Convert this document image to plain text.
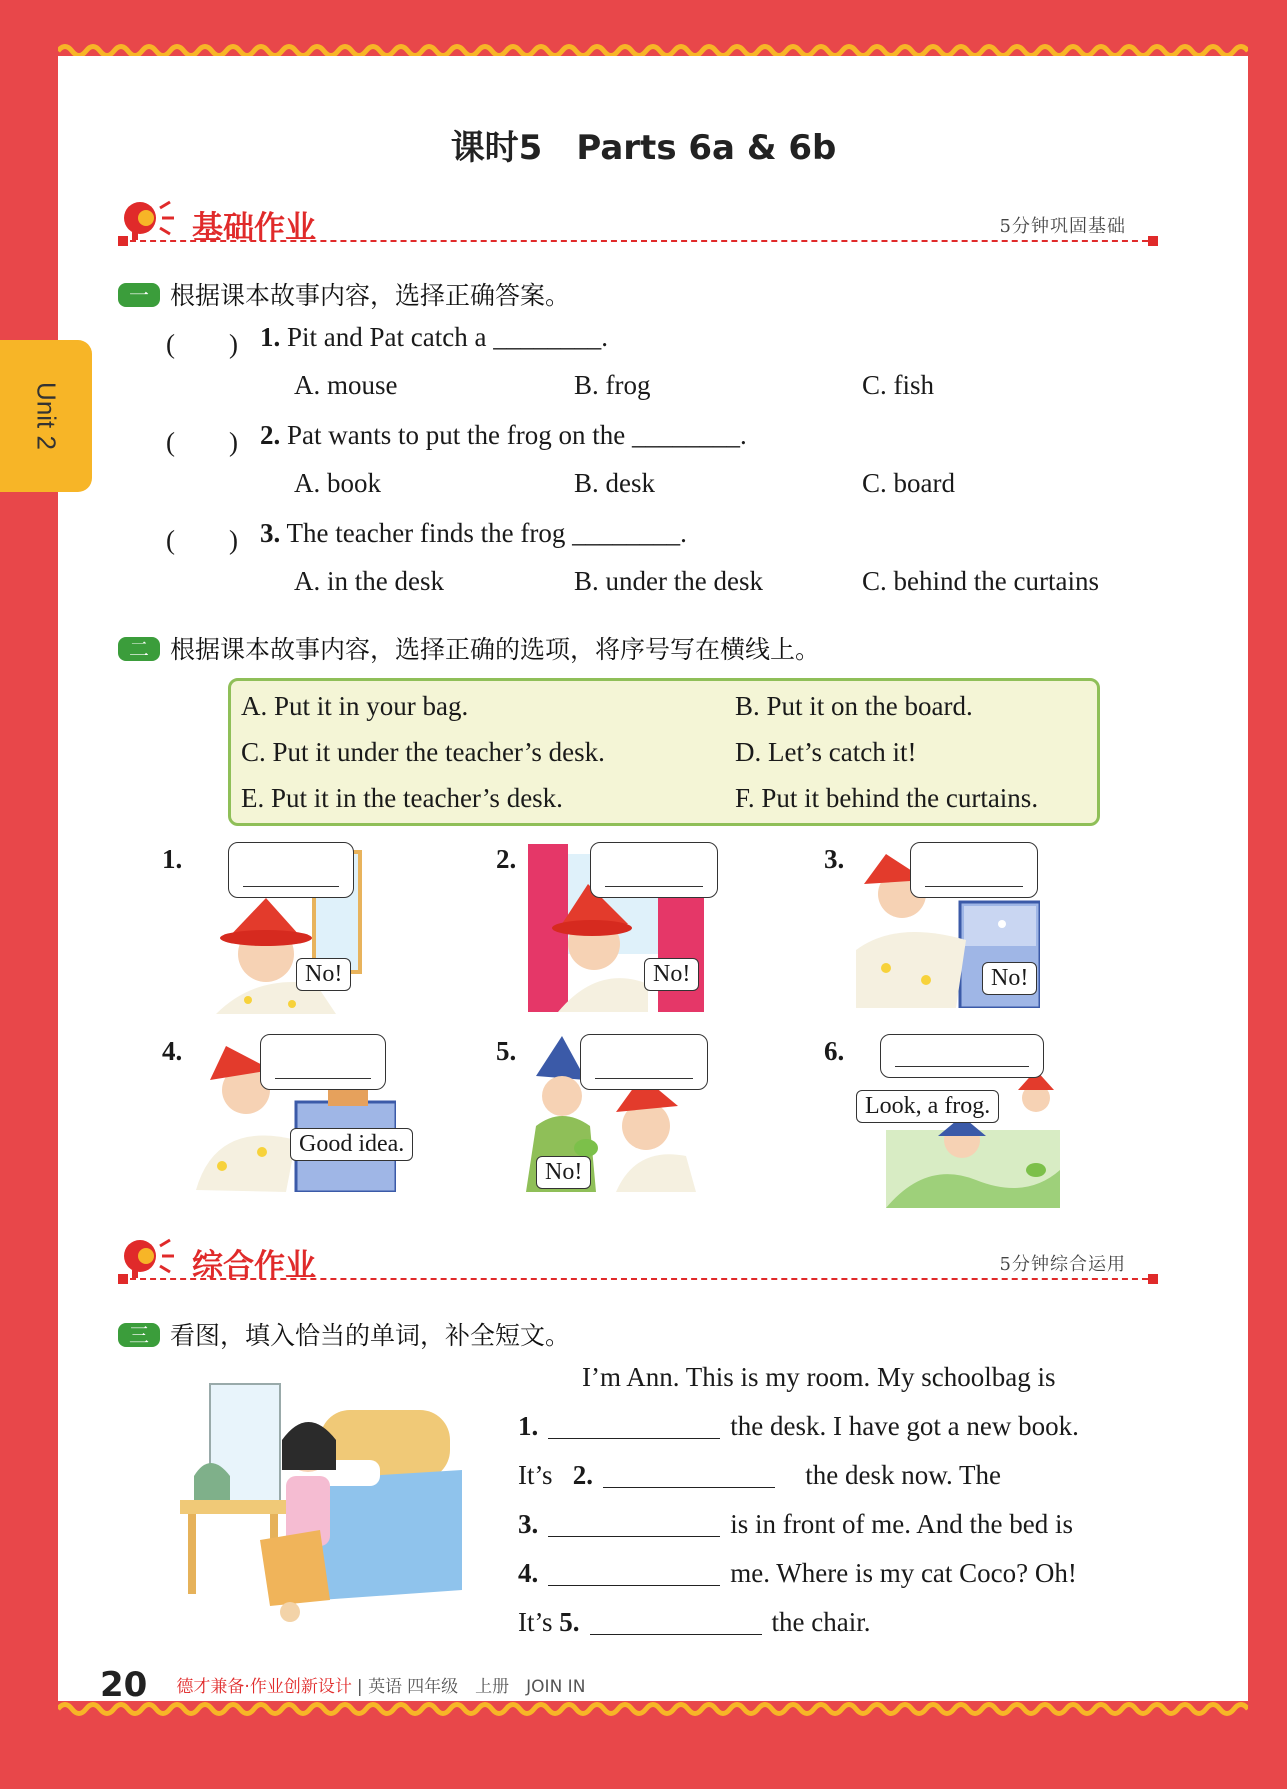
Unit 2
课时5　Parts 6a & 6b
基础作业	5分钟巩固基础
一 根据课本故事内容，选择正确答案。
(　　) 1. Pit and Pat catch a ________.
A. mouse	B. frog	C. fish
(　　) 2. Pat wants to put the frog on the ________.
A. book	B. desk	C. board
(　　) 3. The teacher finds the frog ________.
A. in the desk	B. under the desk	C. behind the curtains
二 根据课本故事内容，选择正确的选项，将序号写在横线上。
A. Put it in your bag.	B. Put it on the board.
C. Put it under the teacher’s desk.	D. Let’s catch it!
E. Put it in the teacher’s desk.	F. Put it behind the curtains.
1.
No!
2.
No!
3.
No!
4.
Good idea.
5.
No!
6.
Look, a frog.
综合作业	5分钟综合运用
三 看图，填入恰当的单词，补全短文。
I’m Ann. This is my room. My schoolbag is
1.	the desk. I have got a new book.
It’s 2.	the desk now. The
3.	is in front of me. And the bed is
4.	me. Where is my cat Coco? Oh!
It’s 5.	the chair.
20 德才兼备·作业创新设计 | 英语 四年级　上册　JOIN IN
